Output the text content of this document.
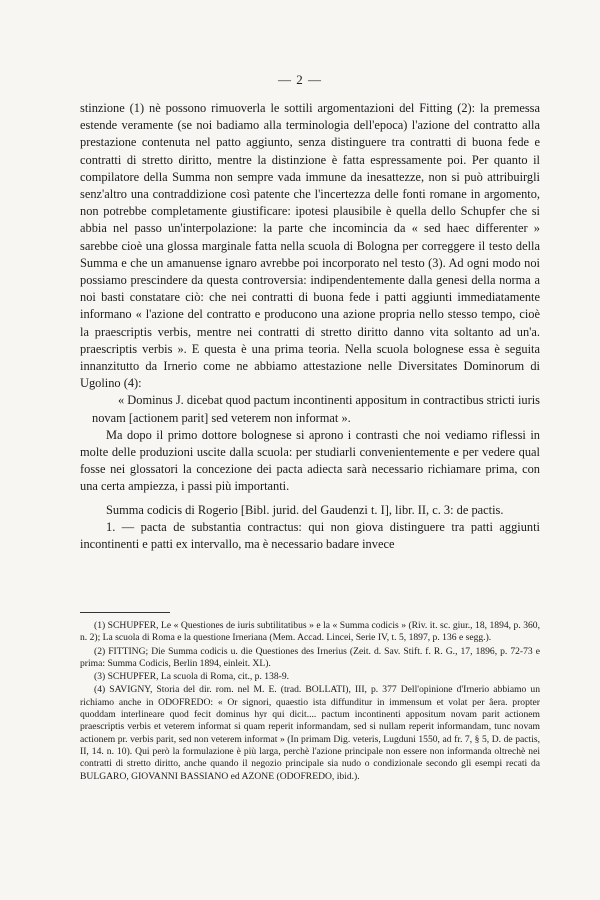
— 2 —

stinzione (1) nè possono rimuoverla le sottili argomentazioni del Fitting (2): la premessa estende veramente (se noi badiamo alla terminologia dell'epoca) l'azione del contratto alla prestazione contenuta nel patto aggiunto, senza distinguere tra contratti di buona fede e contratti di stretto diritto, mentre la distinzione è fatta espressamente poi. Per quanto il compilatore della Summa non sempre vada immune da inesattezze, non si può attribuirgli senz'altro una contraddizione così patente che l'incertezza delle fonti romane in argomento, non potrebbe completamente giustificare: ipotesi plausibile è quella dello Schupfer che si abbia nel passo un'interpolazione: la parte che incomincia da « sed haec differenter » sarebbe cioè una glossa marginale fatta nella scuola di Bologna per correggere il testo della Summa e che un amanuense ignaro avrebbe poi incorporato nel testo (3). Ad ogni modo noi possiamo prescindere da questa controversia: indipendentemente dalla genesi della norma a noi basti constatare ciò: che nei contratti di buona fede i patti aggiunti immediatamente informano « l'azione del contratto e producono una azione propria nello stesso tempo, cioè la praescriptis verbis, mentre nei contratti di stretto diritto danno vita soltanto ad un'a. praescriptis verbis ». E questa è una prima teoria. Nella scuola bolognese essa è seguita innanzitutto da Irnerio come ne abbiamo attestazione nelle Diversitates Dominorum di Ugolino (4):

« Dominus J. dicebat quod pactum incontinenti appositum in contractibus stricti iuris novam [actionem parit] sed veterem non informat ».

Ma dopo il primo dottore bolognese si aprono i contrasti che noi vediamo riflessi in molte delle produzioni uscite dalla scuola: per studiarli convenientemente e per vedere qual fosse nei glossatori la concezione dei pacta adiecta sarà necessario richiamare prima, con una certa ampiezza, i passi più importanti.

Summa codicis di Rogerio [Bibl. jurid. del Gaudenzi t. I], libr. II, c. 3: de pactis.

1. — pacta de substantia contractus: qui non giova distinguere tra patti aggiunti incontinenti e patti ex intervallo, ma è necessario badare invece

(1) SCHUPFER, Le « Questiones de iuris subtilitatibus » e la « Summa codicis » (Riv. it. sc. giur., 18, 1894, p. 360, n. 2); La scuola di Roma e la questione Irneriana (Mem. Accad. Lincei, Serie IV, t. 5, 1897, p. 136 e segg.).

(2) FITTING; Die Summa codicis u. die Questiones des Irnerius (Zeit. d. Sav. Stift. f. R. G., 17, 1896, p. 72-73 e prima: Summa Codicis, Berlin 1894, einleit. XL).

(3) SCHUPFER, La scuola di Roma, cit., p. 138-9.

(4) SAVIGNY, Storia del dir. rom. nel M. E. (trad. BOLLATI), III, p. 377 Dell'opinione d'Irnerio abbiamo un richiamo anche in ODOFREDO: « Or signori, quaestio ista diffunditur in immensum et volat per âera. propter quoddam interlineare quod fecit dominus hyr qui dicit.... pactum incontinenti appositum novam parit actionem praescriptis verbis et veterem informat si quam reperit informandam, sed si nullam reperit informandam, tunc novam actionem pr. verbis parit, sed non veterem informat » (In primam Dig. veteris, Lugduni 1550, ad fr. 7, § 5, D. de pactis, II, 14. n. 10). Qui però la formulazione è più larga, perchè l'azione principale non essere non informanda oltrechè nei contratti di stretto diritto, anche quando il negozio principale sia nudo o condizionale secondo gli esempi recati da BULGARO, GIOVANNI BASSIANO ed AZONE (ODOFREDO, ibid.).
